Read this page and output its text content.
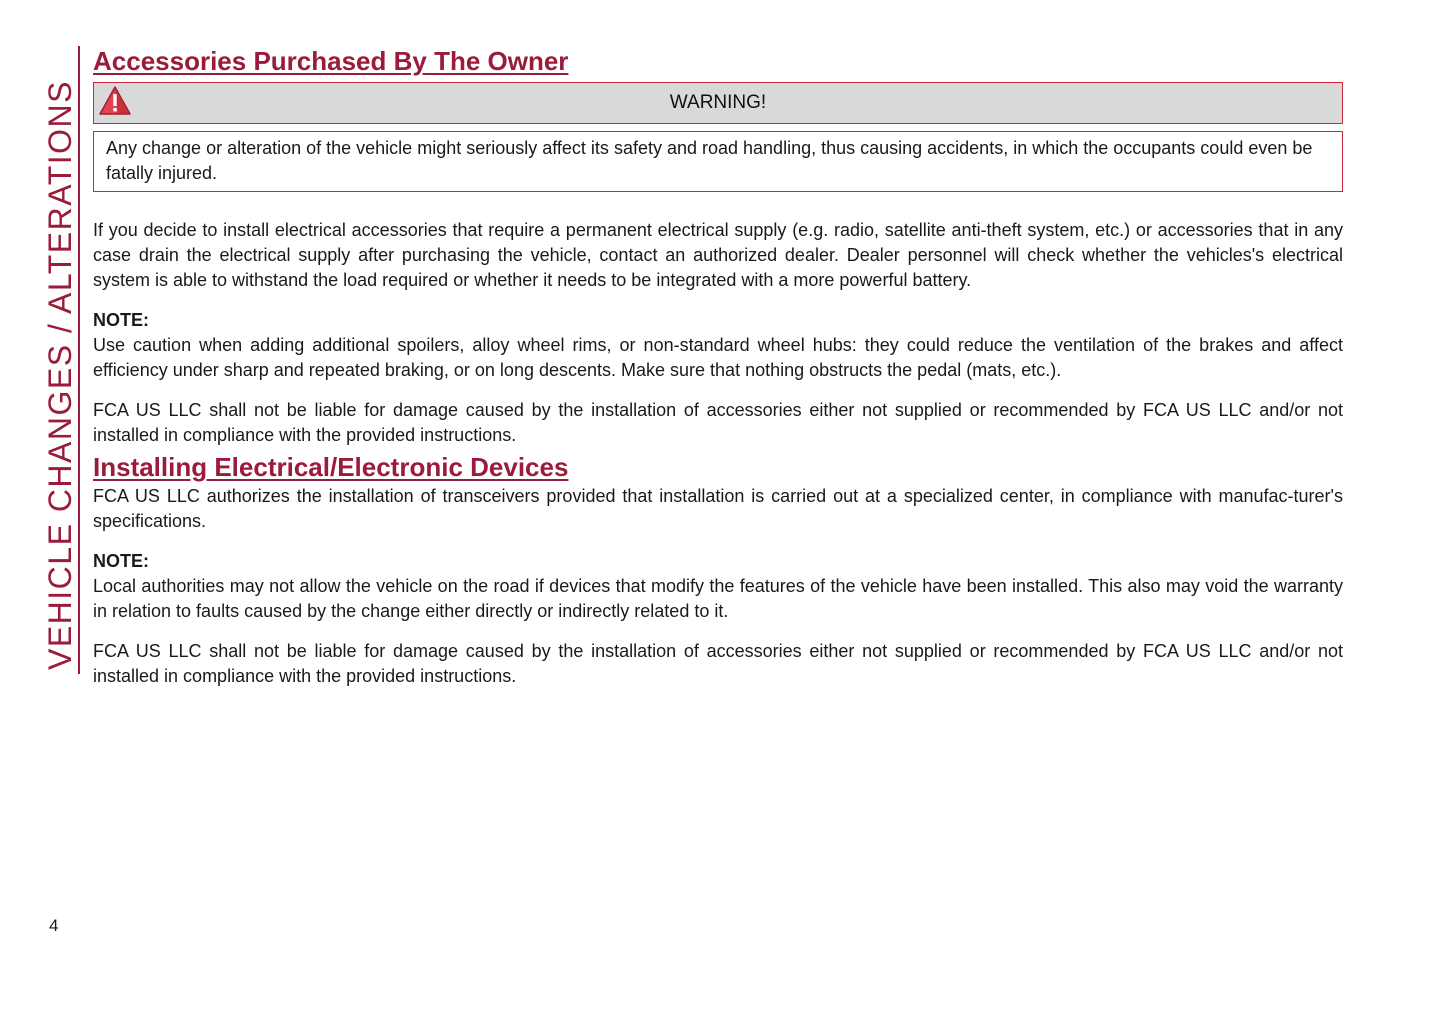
VEHICLE CHANGES / ALTERATIONS
Accessories Purchased By The Owner
WARNING!
Any change or alteration of the vehicle might seriously affect its safety and road handling, thus causing accidents, in which the occupants could even be fatally injured.

If you decide to install electrical accessories that require a permanent electrical supply (e.g. radio, satellite anti-theft system, etc.) or accessories that in any case drain the electrical supply after purchasing the vehicle, contact an authorized dealer. Dealer personnel will check whether the vehicles's electrical system is able to withstand the load required or whether it needs to be integrated with a more powerful battery.

NOTE:

Use caution when adding additional spoilers, alloy wheel rims, or non-standard wheel hubs: they could reduce the ventilation of the brakes and affect efficiency under sharp and repeated braking, or on long descents. Make sure that nothing obstructs the pedal (mats, etc.).

FCA US LLC shall not be liable for damage caused by the installation of accessories either not supplied or recommended by FCA US LLC and/or not installed in compliance with the provided instructions.

Installing Electrical/Electronic Devices

FCA US LLC authorizes the installation of transceivers provided that installation is carried out at a specialized center, in compliance with manufac-turer's specifications.

NOTE:

Local authorities may not allow the vehicle on the road if devices that modify the features of the vehicle have been installed. This also may void the warranty in relation to faults caused by the change either directly or indirectly related to it.

FCA US LLC shall not be liable for damage caused by the installation of accessories either not supplied or recommended by FCA US LLC and/or not installed in compliance with the provided instructions.

4
